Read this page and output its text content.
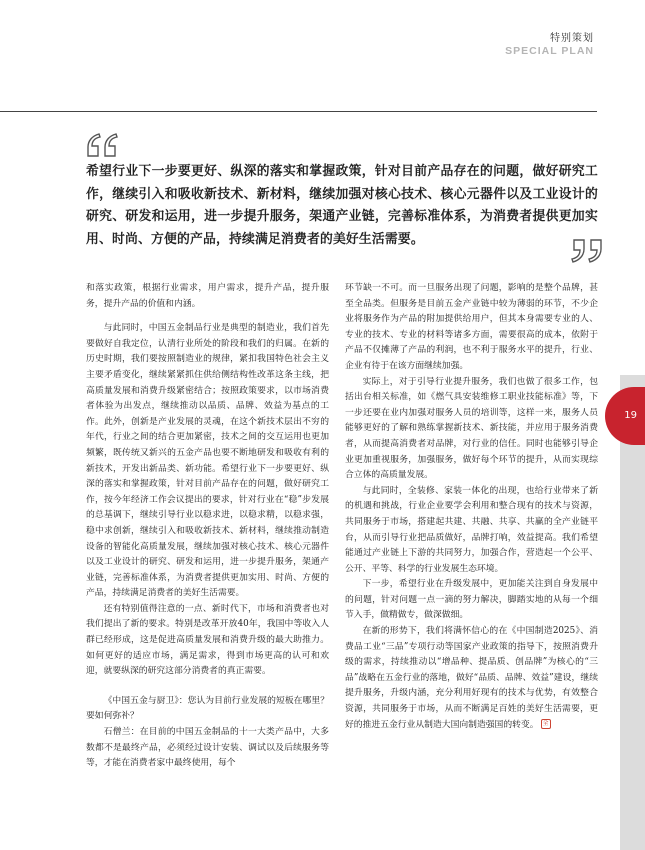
特别策划
SPECIAL PLAN
希望行业下一步要更好、纵深的落实和掌握政策，针对目前产品存在的问题，做好研究工作，继续引入和吸收新技术、新材料，继续加强对核心技术、核心元器件以及工业设计的研究、研发和运用，进一步提升服务，架通产业链，完善标准体系，为消费者提供更加实用、时尚、方便的产品，持续满足消费者的美好生活需要。

和落实政策，根据行业需求，用户需求，提升产品，提升服务，提升产品的价值和内涵。

与此同时，中国五金制品行业是典型的制造业，我们首先要做好自我定位，认清行业所处的阶段和我们的归属。在新的历史时期，我们要按照制造业的规律，紧扣我国特色社会主义主要矛盾变化，继续紧紧抓住供给侧结构性改革这条主线，把高质量发展和消费升级紧密结合；按照政策要求，以市场消费者体验为出发点，继续推动以品质、品牌、效益为基点的工作。此外，创新是产业发展的灵魂，在这个新技术层出不穷的年代，行业之间的结合更加紧密，技术之间的交互运用也更加频繁，既传统又新兴的五金产品也要不断地研发和吸收有利的新技术，开发出新品类、新功能。希望行业下一步要更好、纵深的落实和掌握政策，针对目前产品存在的问题，做好研究工作，按今年经济工作会议提出的要求，针对行业在“稳”步发展的总基调下，继续引导行业以稳求进，以稳求精，以稳求强，稳中求创新，继续引入和吸收新技术、新材料，继续推动制造设备的智能化高质量发展，继续加强对核心技术、核心元器件以及工业设计的研究、研发和运用，进一步提升服务，架通产业链，完善标准体系，为消费者提供更加实用、时尚、方便的产品，持续满足消费者的美好生活需要。

还有特别值得注意的一点、新时代下，市场和消费者也对我们提出了新的要求。特别是改革开放40年，我国中等收入人群已经形成，这是促进高质量发展和消费升级的最大助推力。如何更好的适应市场，满足需求，得到市场更高的认可和欢迎，就要纵深的研究这部分消费者的真正需要。

《中国五金与厨卫》：您认为目前行业发展的短板在哪里？要如何弥补？

石僧兰：在目前的中国五金制品的十一大类产品中，大多数都不是最终产品，必须经过设计安装、调试以及后续服务等等，才能在消费者家中最终使用，每个

环节缺一不可。而一旦服务出现了问题，影响的是整个品牌，甚至全品类。但服务是目前五金产业链中较为薄弱的环节，不少企业将服务作为产品的附加提供给用户，但其本身需要专业的人、专业的技术、专业的材料等诸多方面，需要很高的成本，依附于产品不仅摊薄了产品的利润，也不利于服务水平的提升，行业、企业有待于在该方面继续加强。

实际上，对于引导行业提升服务，我们也做了很多工作，包括出台相关标准，如《燃气具安装维修工职业技能标准》等，下一步还要在业内加强对服务人员的培训等，这样一来，服务人员能够更好的了解和熟练掌握新技术、新技能，并应用于服务消费者，从而提高消费者对品牌，对行业的信任。同时也能够引导企业更加重视服务，加强服务，做好每个环节的提升，从而实现综合立体的高质量发展。

与此同时，全装修、家装一体化的出现，也给行业带来了新的机遇和挑战，行业企业要学会利用和整合现有的技术与资源，共同服务于市场，搭建起共建、共融、共享、共赢的全产业链平台，从而引导行业把品质做好，品牌打响，效益提高。我们希望能通过产业链上下游的共同努力，加强合作，营造起一个公平、公开、平等、科学的行业发展生态环境。

下一步，希望行业在升级发展中，更加能关注到自身发展中的问题，针对问题一点一滴的努力解决，脚踏实地的从每一个细节入手，做精做专，做深做细。

在新的形势下，我们将满怀信心的在《中国制造2025》、消费品工业“三品”专项行动等国家产业政策的指导下，按照消费升级的需求，持续推动以“增品种、提品质、创品牌”为核心的“三品”战略在五金行业的落地，做好“品质、品牌、效益”建设，继续提升服务，升级内涵，充分利用好现有的技术与优势，有效整合资源，共同服务于市场，从而不断满足百姓的美好生活需要，更好的推进五金行业从制造大国向制造强国的转变。 全

19
